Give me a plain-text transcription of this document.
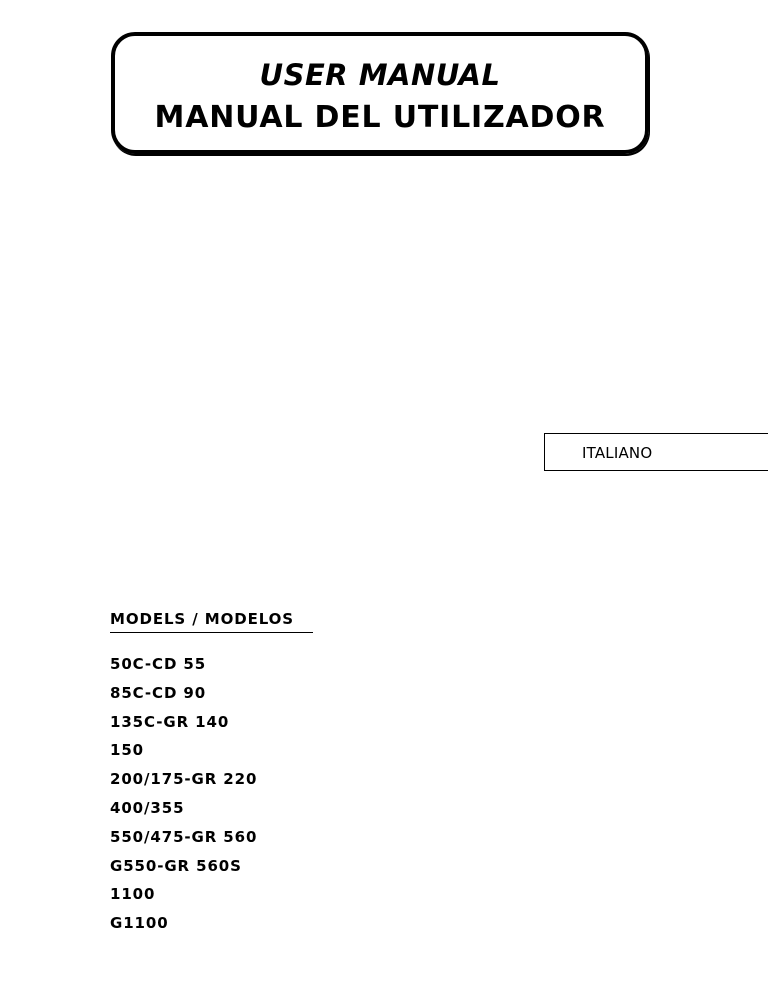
USER MANUAL
MANUAL DEL UTILIZADOR
ITALIANO
MODELS / MODELOS
50C-CD 55
85C-CD 90
135C-GR 140
150
200/175-GR 220
400/355
550/475-GR 560
G550-GR 560S
1100
G1100
